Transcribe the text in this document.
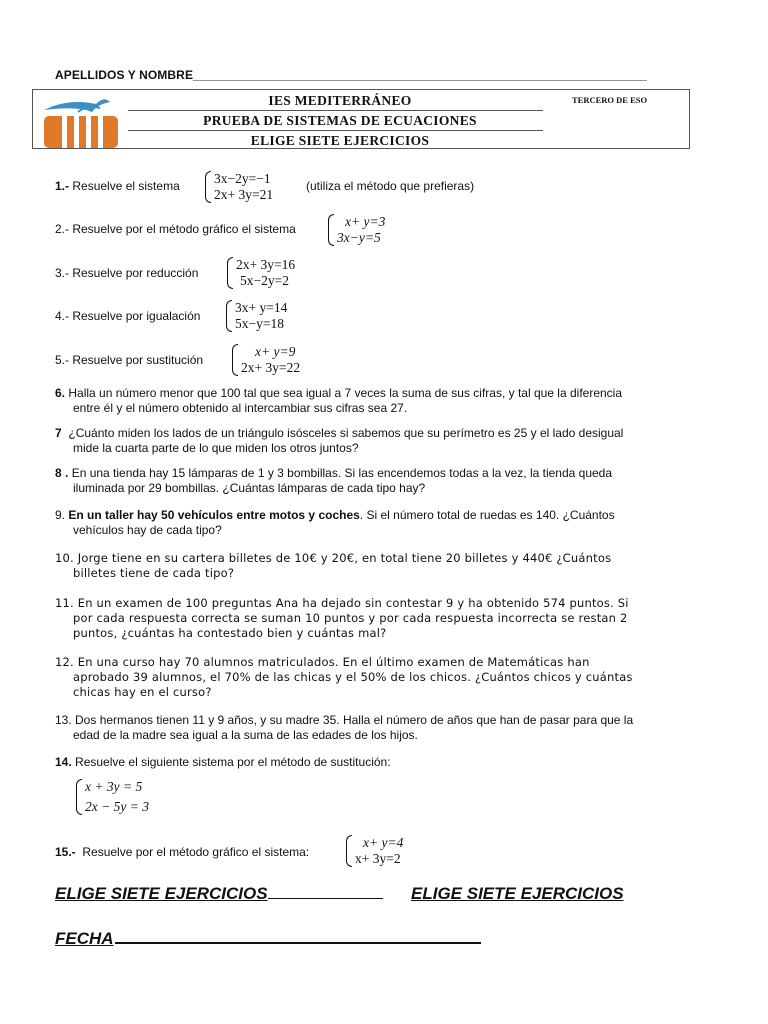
APELLIDOS Y NOMBRE___________________________________________________________________
IES MEDITERRÁNEO
PRUEBA DE SISTEMAS DE ECUACIONES
ELIGE SIETE EJERCICIOS
TERCERO DE ESO
1.- Resuelve el sistema	3x−2y=−1
2x+ 3y=21
(utiliza el método que prefieras)
2.- Resuelve por el método gráfico el sistema	x+ y=3
3x−y=5
3.- Resuelve por reducción
2x+ 3y=16
5x−2y=2
4.- Resuelve por igualación
3x+ y=14
5x−y=18
5.- Resuelve por sustitución
x+ y=9
2x+ 3y=22
6. Halla un número menor que 100 tal que sea igual a 7 veces la suma de sus cifras, y tal que la diferencia
entre él y el número obtenido al intercambiar sus cifras sea 27.
7 ¿Cuánto miden los lados de un triángulo isósceles si sabemos que su perímetro es 25 y el lado desigual
mide la cuarta parte de lo que miden los otros juntos?
8 . En una tienda hay 15 lámparas de 1 y 3 bombillas. Si las encendemos todas a la vez, la tienda queda
iluminada por 29 bombillas. ¿Cuántas lámparas de cada tipo hay?
9. En un taller hay 50 vehículos entre motos y coches. Si el número total de ruedas es 140. ¿Cuántos
vehículos hay de cada tipo?
10. Jorge tiene en su cartera billetes de 10€ y 20€, en total tiene 20 billetes y 440€ ¿Cuántos
billetes tiene de cada tipo?
11. En un examen de 100 preguntas Ana ha dejado sin contestar 9 y ha obtenido 574 puntos. Si
por cada respuesta correcta se suman 10 puntos y por cada respuesta incorrecta se restan 2
puntos, ¿cuántas ha contestado bien y cuántas mal?
12. En una curso hay 70 alumnos matriculados. En el último examen de Matemáticas han
aprobado 39 alumnos, el 70% de las chicas y el 50% de los chicos. ¿Cuántos chicos y cuántas
chicas hay en el curso?
13. Dos hermanos tienen 11 y 9 años, y su madre 35. Halla el número de años que han de pasar para que la
edad de la madre sea igual a la suma de las edades de los hijos.
14. Resuelve el siguiente sistema por el método de sustitución:
x + 3y = 5
2x − 5y = 3
15.- Resuelve por el método gráfico el sistema:
x+ y=4
x+ 3y=2
ELIGE SIETE EJERCICIOS	ELIGE SIETE EJERCICIOS
FECHA
